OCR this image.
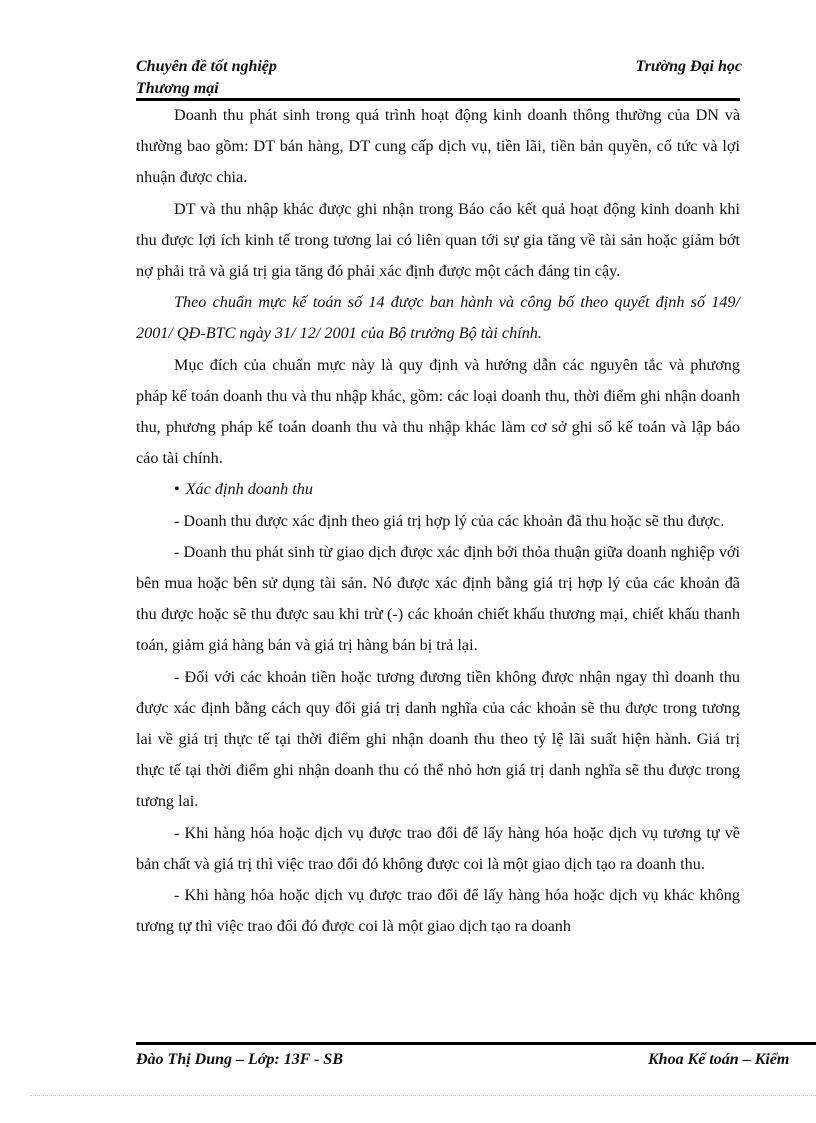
Chuyên đề tốt nghiệp
Thương mại
Trường Đại học

Doanh thu phát sinh trong quá trình hoạt động kinh doanh thông thường của DN và thường bao gồm: DT bán hàng, DT cung cấp dịch vụ, tiền lãi, tiền bản quyền, cổ tức và lợi nhuận được chia.

DT và thu nhập khác được ghi nhận trong Báo cáo kết quả hoạt động kinh doanh khi thu được lợi ích kinh tế trong tương lai có liên quan tới sự gia tăng về tài sản hoặc giảm bớt nợ phải trả và giá trị gia tăng đó phải xác định được một cách đáng tin cậy.

Theo chuẩn mực kế toán số 14 được ban hành và công bố theo quyết định số 149/ 2001/ QĐ-BTC ngày 31/ 12/ 2001 của Bộ trưởng Bộ tài chính.

Mục đích của chuẩn mực này là quy định và hướng dẫn các nguyên tắc và phương pháp kế toán doanh thu và thu nhập khác, gồm: các loại doanh thu, thời điểm ghi nhận doanh thu, phương pháp kế toán doanh thu và thu nhập khác làm cơ sở ghi sổ kế toán và lập báo cáo tài chính.

• Xác định doanh thu

- Doanh thu được xác định theo giá trị hợp lý của các khoản đã thu hoặc sẽ thu được.

- Doanh thu phát sinh từ giao dịch được xác định bởi thỏa thuận giữa doanh nghiệp với bên mua hoặc bên sử dụng tài sản. Nó được xác định bằng giá trị hợp lý của các khoản đã thu được hoặc sẽ thu được sau khi trừ (-) các khoản chiết khấu thương mại, chiết khấu thanh toán, giảm giá hàng bán và giá trị hàng bán bị trả lại.

- Đối với các khoản tiền hoặc tương đương tiền không được nhận ngay thì doanh thu được xác định bằng cách quy đổi giá trị danh nghĩa của các khoản sẽ thu được trong tương lai về giá trị thực tế tại thời điểm ghi nhận doanh thu theo tỷ lệ lãi suất hiện hành. Giá trị thực tế tại thời điểm ghi nhận doanh thu có thể nhỏ hơn giá trị danh nghĩa sẽ thu được trong tương lai.

- Khi hàng hóa hoặc dịch vụ được trao đổi để lấy hàng hóa hoặc dịch vụ tương tự về bản chất và giá trị thì việc trao đổi đó không được coi là một giao dịch tạo ra doanh thu.

- Khi hàng hóa hoặc dịch vụ được trao đổi để lấy hàng hóa hoặc dịch vụ khác không tương tự thì việc trao đổi đó được coi là một giao dịch tạo ra doanh

Đào Thị Dung – Lớp: 13F - SB	Khoa Kế toán – Kiểm
